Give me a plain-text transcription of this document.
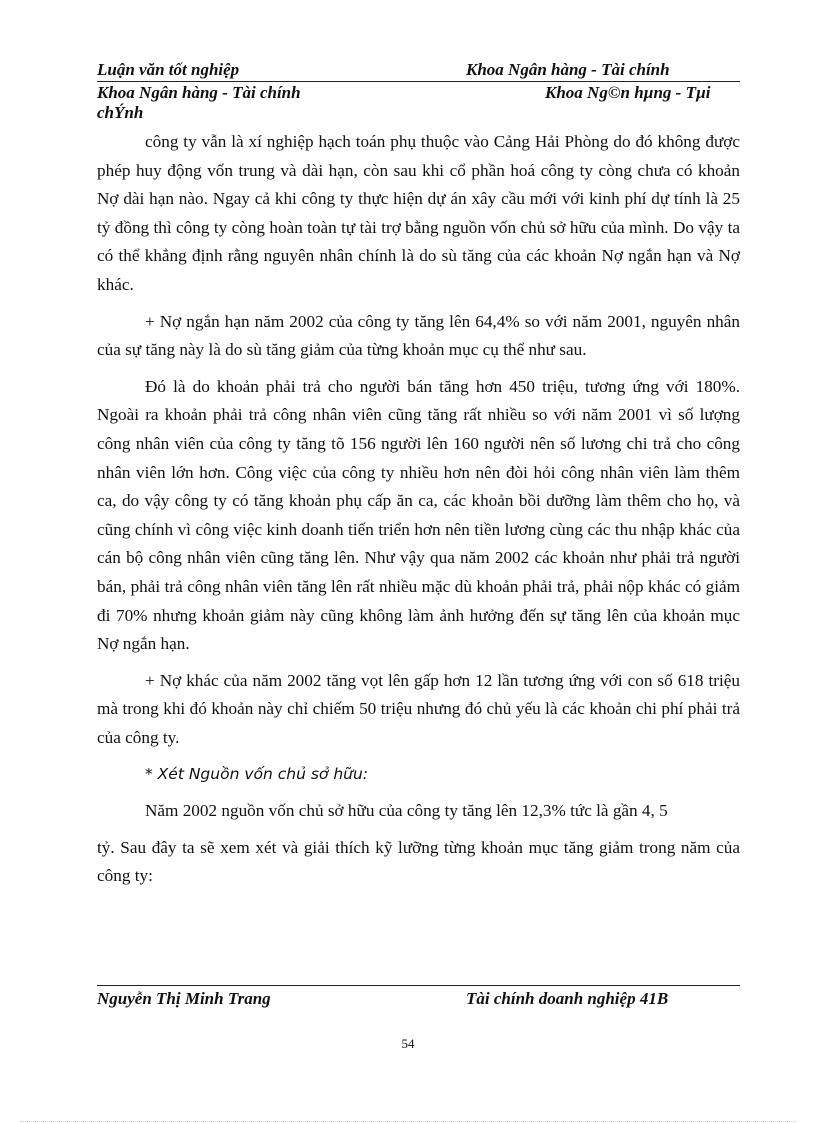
Luận văn tốt nghiệp	Khoa Ngân hàng - Tài chính
Khoa Ngân hàng - Tài chính	Khoa Ng©n hµng - Tµi
chÝnh

công ty vẫn là xí nghiệp hạch toán phụ thuộc vào Cảng Hải Phòng do đó không được phép huy động vốn trung và dài hạn, còn sau khi cổ phần hoá công ty còng chưa có khoản Nợ dài hạn nào. Ngay cả khi công ty thực hiện dự án xây cầu mới với kinh phí dự tính là 25 tỷ đồng thì công ty còng hoàn toàn tự tài trợ bằng nguồn vốn chủ sở hữu của mình. Do vậy ta có thể khẳng định rằng nguyên nhân chính là do sù tăng của các khoản Nợ ngắn hạn và Nợ khác.

+ Nợ ngắn hạn năm 2002 của công ty tăng lên 64,4% so với năm 2001, nguyên nhân của sự tăng này là do sù tăng giảm của từng khoản mục cụ thể như sau.

Đó là do khoản phải trả cho người bán tăng hơn 450 triệu, tương ứng với 180%. Ngoài ra khoản phải trả công nhân viên cũng tăng rất nhiều so với năm 2001 vì số lượng công nhân viên của công ty tăng tõ 156 người lên 160 người nên số lương chi trả cho công nhân viên lớn hơn. Công việc của công ty nhiều hơn nên đòi hỏi công nhân viên làm thêm ca, do vậy công ty có tăng khoản phụ cấp ăn ca, các khoản bồi dưỡng làm thêm cho họ, và cũng chính vì công việc kinh doanh tiến triển hơn nên tiền lương cùng các thu nhập khác của cán bộ công nhân viên cũng tăng lên. Như vậy qua năm 2002 các khoản như phải trả người bán, phải trả công nhân viên tăng lên rất nhiều mặc dù khoản phải trả, phải nộp khác có giảm đi 70% nhưng khoản giảm này cũng không làm ảnh hưởng đến sự tăng lên của khoản mục Nợ ngắn hạn.

+ Nợ khác của năm 2002 tăng vọt lên gấp hơn 12 lần tương ứng với con số 618 triệu mà trong khi đó khoản này chỉ chiếm 50 triệu nhưng đó chủ yếu là các khoản chi phí phải trả của công ty.

* Xét Nguồn vốn chủ sở hữu:

Năm 2002 nguồn vốn chủ sở hữu của công ty tăng lên 12,3% tức là gần 4, 5

tỷ. Sau đây ta sẽ xem xét và giải thích kỹ lưỡng từng khoản mục tăng giảm trong năm của công ty:

Nguyễn Thị Minh Trang	Tài chính doanh nghiệp 41B
54
